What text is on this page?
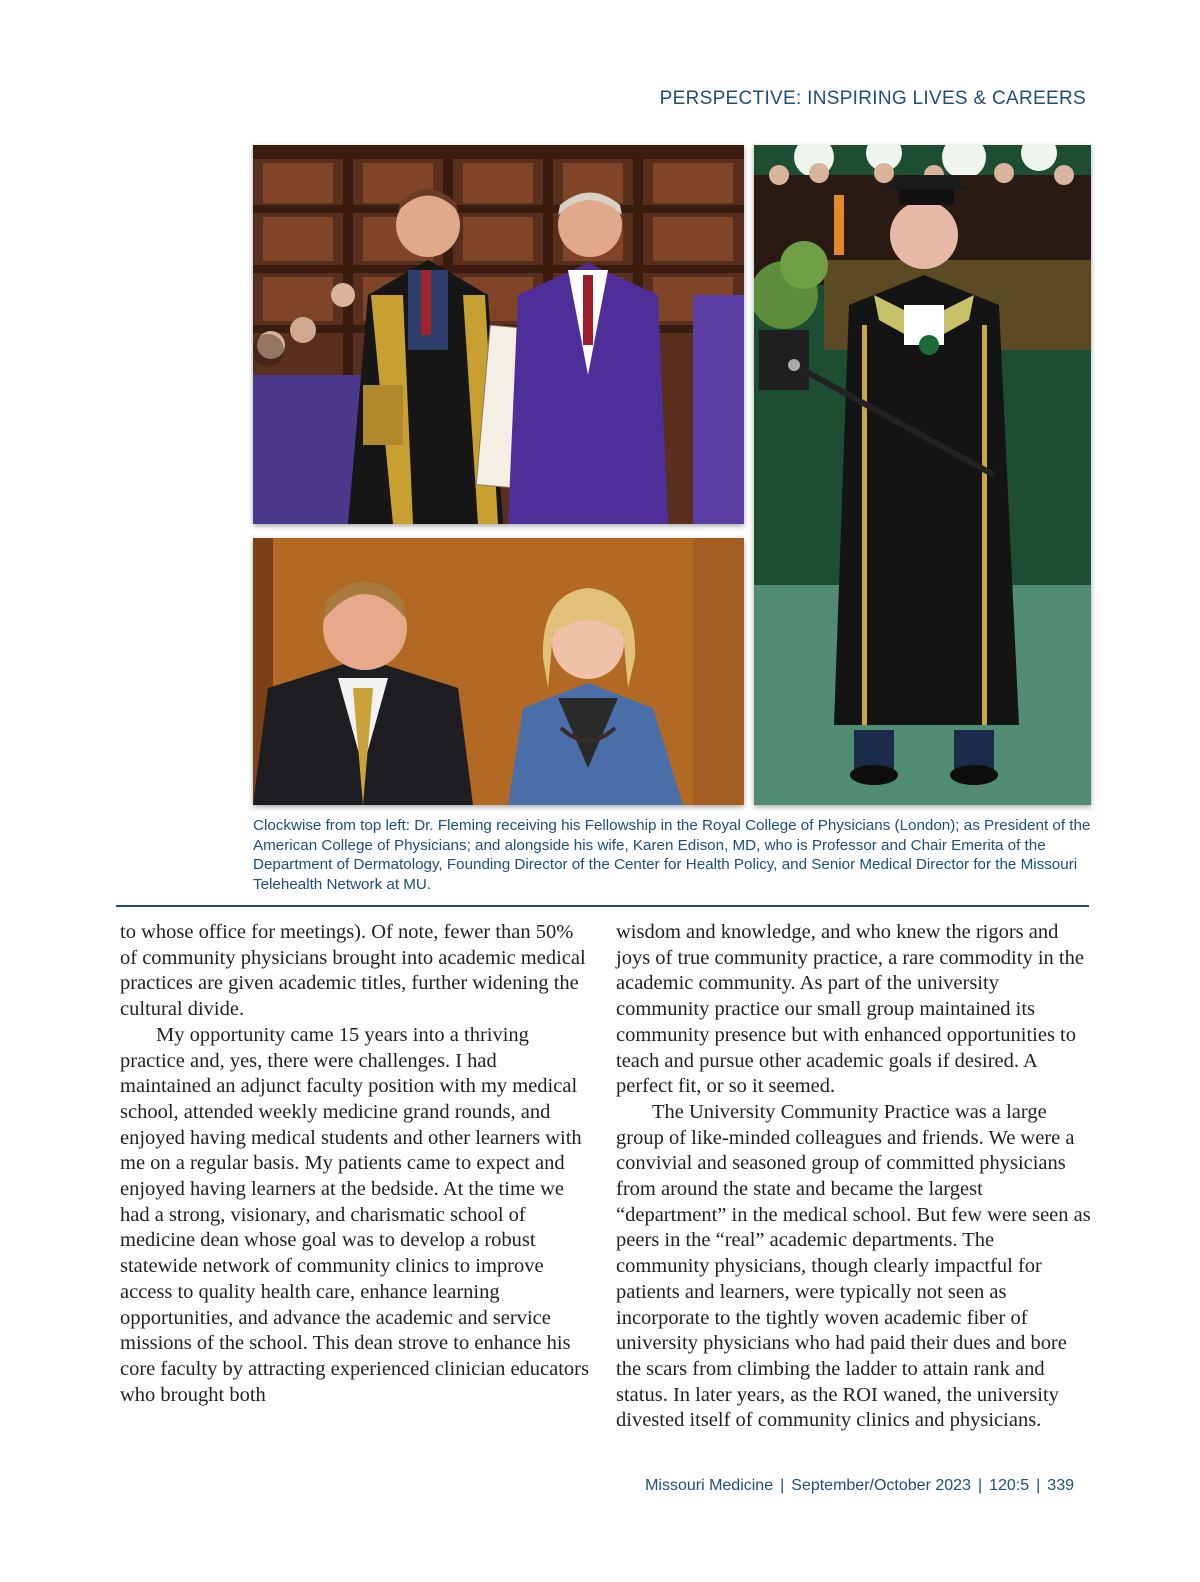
PERSPECTIVE: INSPIRING LIVES & CAREERS
Clockwise from top left: Dr. Fleming receiving his Fellowship in the Royal College of Physicians (London); as President of the American College of Physicians; and alongside his wife, Karen Edison, MD, who is Professor and Chair Emerita of the Department of Dermatology, Founding Director of the Center for Health Policy, and Senior Medical Director for the Missouri Telehealth Network at MU.

to whose office for meetings). Of note, fewer than 50% of community physicians brought into academic medical practices are given academic titles, further widening the cultural divide.

My opportunity came 15 years into a thriving practice and, yes, there were challenges. I had maintained an adjunct faculty position with my medical school, attended weekly medicine grand rounds, and enjoyed having medical students and other learners with me on a regular basis. My patients came to expect and enjoyed having learners at the bedside. At the time we had a strong, visionary, and charismatic school of medicine dean whose goal was to develop a robust statewide network of community clinics to improve access to quality health care, enhance learning opportunities, and advance the academic and service missions of the school. This dean strove to enhance his core faculty by attracting experienced clinician educators who brought both

wisdom and knowledge, and who knew the rigors and joys of true community practice, a rare commodity in the academic community. As part of the university community practice our small group maintained its community presence but with enhanced opportunities to teach and pursue other academic goals if desired. A perfect fit, or so it seemed.

The University Community Practice was a large group of like-minded colleagues and friends. We were a convivial and seasoned group of committed physicians from around the state and became the largest “department” in the medical school. But few were seen as peers in the “real” academic departments. The community physicians, though clearly impactful for patients and learners, were typically not seen as incorporate to the tightly woven academic fiber of university physicians who had paid their dues and bore the scars from climbing the ladder to attain rank and status. In later years, as the ROI waned, the university divested itself of community clinics and physicians.

Missouri Medicine | September/October 2023 | 120:5 | 339
